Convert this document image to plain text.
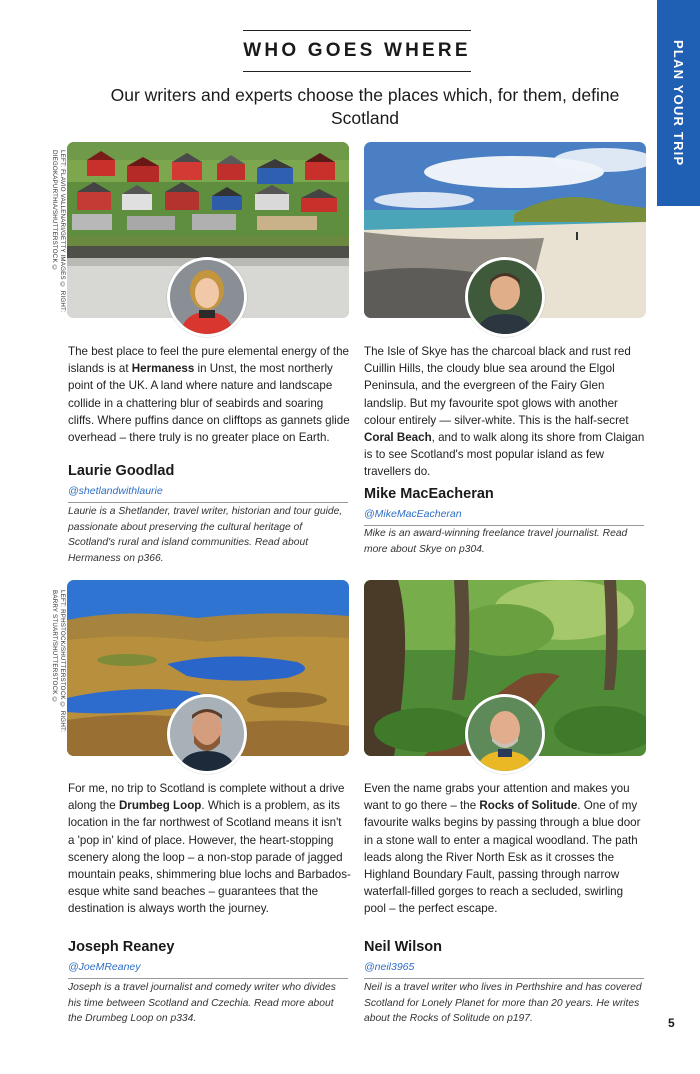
WHO GOES WHERE
Our writers and experts choose the places which, for them, define Scotland	PLAN YOUR TRIP
LEFT: FLAVIO VALLENARI/GETTY IMAGES © RIGHT: DIEGOKAPURTHIA/SHUTTERSTOCK ©
LEFT: RPHSTOCK/SHUTTERSTOCK © RIGHT: BARRY STUART/SHUTTERSTOCK ©
The best place to feel the pure elemental energy of the islands is at Hermaness in Unst, the most northerly point of the UK. A land where nature and landscape collide in a chattering blur of seabirds and soaring cliffs. Where puffins dance on clifftops as gannets glide overhead – there truly is no greater place on Earth.
Laurie Goodlad
@shetlandwithlaurie
Laurie is a Shetlander, travel writer, historian and tour guide, passionate about preserving the cultural heritage of Scotland's rural and island communities. Read about Hermaness on p366.
The Isle of Skye has the charcoal black and rust red Cuillin Hills, the cloudy blue sea around the Elgol Peninsula, and the evergreen of the Fairy Glen landslip. But my favourite spot glows with another colour entirely — silver-white. This is the half-secret Coral Beach, and to walk along its shore from Claigan is to see Scotland's most popular island as few travellers do.
Mike MacEacheran
@MikeMacEacheran
Mike is an award-winning freelance travel journalist. Read more about Skye on p304.
For me, no trip to Scotland is complete without a drive along the Drumbeg Loop. Which is a problem, as its location in the far northwest of Scotland means it isn't a 'pop in' kind of place. However, the heart-stopping scenery along the loop – a non-stop parade of jagged mountain peaks, shimmering blue lochs and Barbados-esque white sand beaches – guarantees that the destination is always worth the journey.
Joseph Reaney
@JoeMReaney
Joseph is a travel journalist and comedy writer who divides his time between Scotland and Czechia. Read more about the Drumbeg Loop on p334.
Even the name grabs your attention and makes you want to go there – the Rocks of Solitude. One of my favourite walks begins by passing through a blue door in a stone wall to enter a magical woodland. The path leads along the River North Esk as it crosses the Highland Boundary Fault, passing through narrow waterfall-filled gorges to reach a secluded, swirling pool – the perfect escape.
Neil Wilson
@neil3965
Neil is a travel writer who lives in Perthshire and has covered Scotland for Lonely Planet for more than 20 years. He writes about the Rocks of Solitude on p197.	5
